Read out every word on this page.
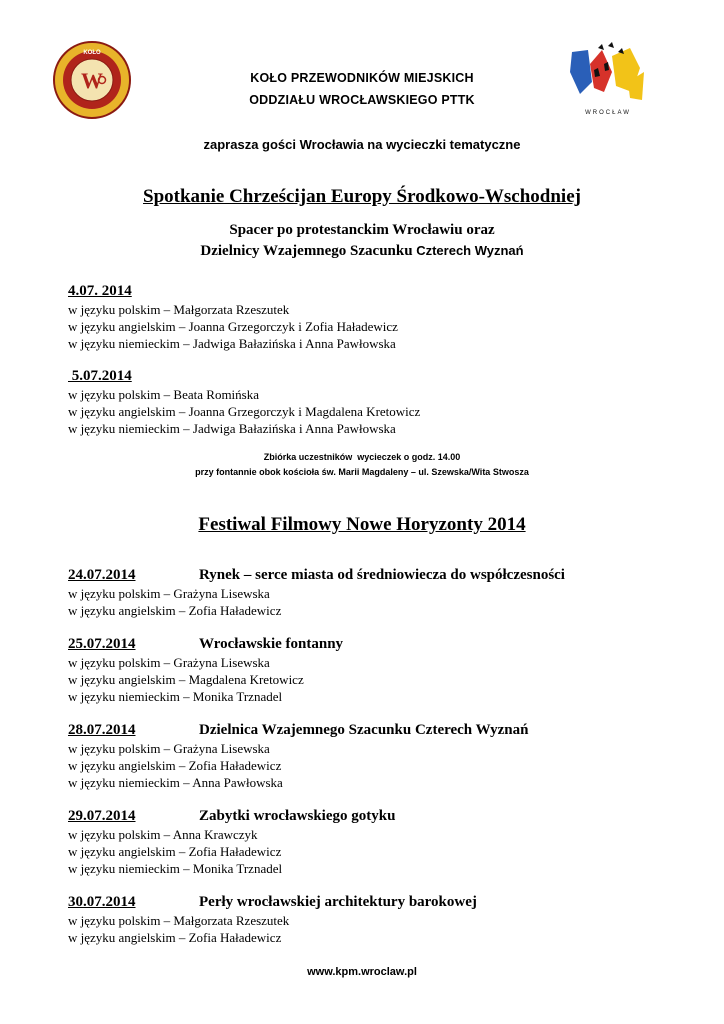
KOŁO
W
WROCŁAW
KOŁO PRZEWODNIKÓW MIEJSKICH
ODDZIAŁU WROCŁAWSKIEGO PTTK
zaprasza gości Wrocławia na wycieczki tematyczne
Spotkanie Chrześcijan Europy Środkowo-Wschodniej
Spacer po protestanckim Wrocławiu oraz
Dzielnicy Wzajemnego Szacunku Czterech Wyznań
4.07. 2014
w języku polskim – Małgorzata Rzeszutek
w języku angielskim – Joanna Grzegorczyk i Zofia Haładewicz
w języku niemieckim – Jadwiga Bałazińska i Anna Pawłowska
5.07.2014
w języku polskim – Beata Romińska
w języku angielskim – Joanna Grzegorczyk i Magdalena Kretowicz
w języku niemieckim – Jadwiga Bałazińska i Anna Pawłowska
Zbiórka uczestników  wycieczek o godz. 14.00
przy fontannie obok kościoła św. Marii Magdaleny – ul. Szewska/Wita Stwosza
Festiwal Filmowy Nowe Horyzonty 2014
24.07.2014	Rynek – serce miasta od średniowiecza do współczesności
w języku polskim – Grażyna Lisewska
w języku angielskim – Zofia Haładewicz
25.07.2014	Wrocławskie fontanny
w języku polskim – Grażyna Lisewska
w języku angielskim – Magdalena Kretowicz
w języku niemieckim – Monika Trznadel
28.07.2014	Dzielnica Wzajemnego Szacunku Czterech Wyznań
w języku polskim – Grażyna Lisewska
w języku angielskim – Zofia Haładewicz
w języku niemieckim – Anna Pawłowska
29.07.2014	Zabytki wrocławskiego gotyku
w języku polskim – Anna Krawczyk
w języku angielskim – Zofia Haładewicz
w języku niemieckim – Monika Trznadel
30.07.2014	Perły wrocławskiej architektury barokowej
w języku polskim – Małgorzata Rzeszutek
w języku angielskim – Zofia Haładewicz
www.kpm.wroclaw.pl
